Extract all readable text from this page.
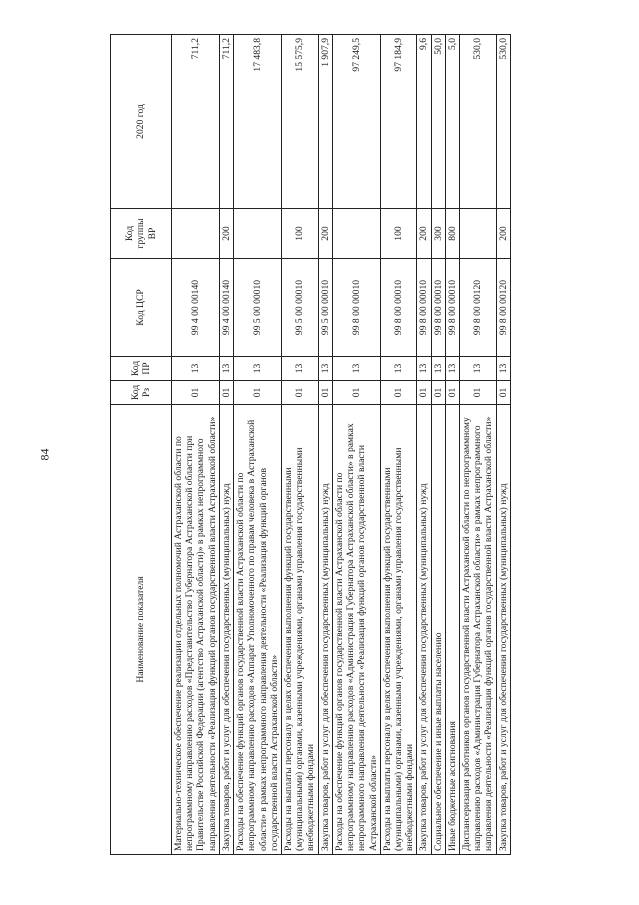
84
Наименование показателя	Код Рз	Код ПР	Код ЦСР	Код группы ВР	2020 год
Материально-техническое обеспечение реализации отдельных полномочий Астраханской области по непрограммному направлению расходов «Представительство Губернатора Астраханской области при Правительстве Российской Федерации (агентство Астраханской области)» в рамках непрограммного направления деятельности «Реализация функций органов государственной власти Астраханской области»	01	13	99 4 00 00140		711,2
Закупка товаров, работ и услуг для обеспечения государственных (муниципальных) нужд	01	13	99 4 00 00140	200	711,2
Расходы на обеспечение функций органов государственной власти Астраханской области по непрограммному направлению расходов «Аппарат Уполномоченного по правам человека в Астраханской области» в рамках непрограммного направления деятельности «Реализация функций органов государственной власти Астраханской области»	01	13	99 5 00 00010		17 483,8
Расходы на выплаты персоналу в целях обеспечения выполнения функций государственными (муниципальными) органами, казенными учреждениями, органами управления государственными внебюджетными фондами	01	13	99 5 00 00010	100	15 575,9
Закупка товаров, работ и услуг для обеспечения государственных (муниципальных) нужд	01	13	99 5 00 00010	200	1 907,9
Расходы на обеспечение функций органов государственной власти Астраханской области по непрограммному направлению расходов «Администрация Губернатора Астраханской области» в рамках непрограммного направления деятельности «Реализация функций органов государственной власти Астраханской области»	01	13	99 8 00 00010		97 249,5
Расходы на выплаты персоналу в целях обеспечения выполнения функций государственными (муниципальными) органами, казенными учреждениями, органами управления государственными внебюджетными фондами	01	13	99 8 00 00010	100	97 184,9
Закупка товаров, работ и услуг для обеспечения государственных (муниципальных) нужд	01	13	99 8 00 00010	200	9,6
Социальное обеспечение и иные выплаты населению	01	13	99 8 00 00010	300	50,0
Иные бюджетные ассигнования	01	13	99 8 00 00010	800	5,0
Диспансеризация работников органов государственной власти Астраханской области по непрограммному направлению расходов «Администрация Губернатора Астраханской области» в рамках непрограммного направления деятельности «Реализация функций органов государственной власти Астраханской области»	01	13	99 8 00 00120		530,0
Закупка товаров, работ и услуг для обеспечения государственных (муниципальных) нужд	01	13	99 8 00 00120	200	530,0
